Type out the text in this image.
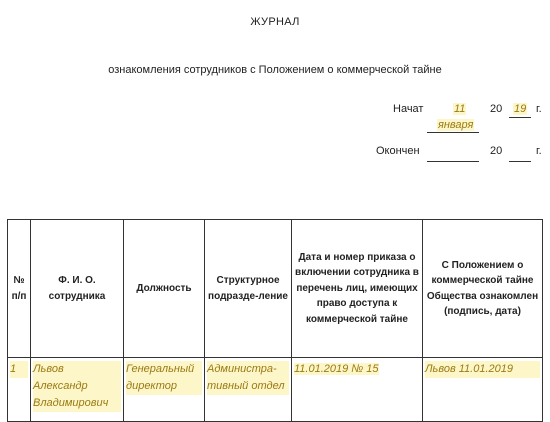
ЖУРНАЛ
ознакомления сотрудников с Положением о коммерческой тайне
Начат	11
января
20 19 г.
Окончен	20	г.
№ п/п	Ф. И. О. сотрудника	Должность	Структурное подразде-ление	Дата и номер приказа о включении сотрудника в перечень лиц, имеющих право доступа к коммерческой тайне	С Положением о коммерческой тайне Общества ознакомлен (подпись, дата)

1	Львов Александр Владимирович	Генеральный директор	Администра-тивный отдел	11.01.2019 № 15	Львов 11.01.2019
